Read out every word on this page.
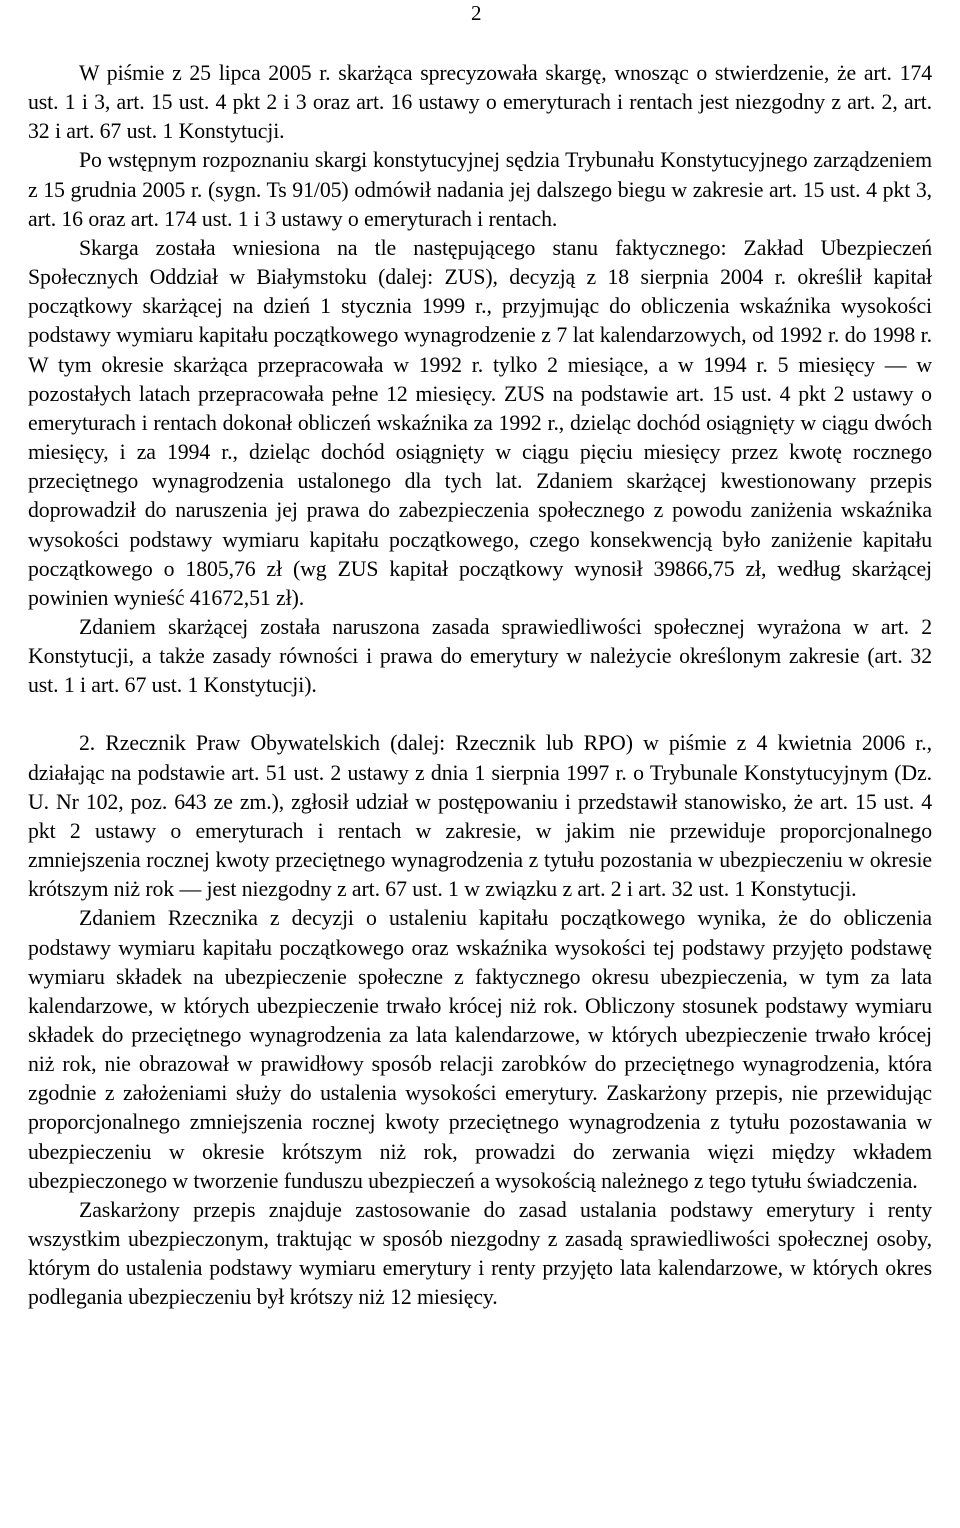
2

W piśmie z 25 lipca 2005 r. skarżąca sprecyzowała skargę, wnosząc o stwierdzenie, że art. 174 ust. 1 i 3, art. 15 ust. 4 pkt 2 i 3 oraz art. 16 ustawy o emeryturach i rentach jest niezgodny z art. 2, art. 32 i art. 67 ust. 1 Konstytucji.

Po wstępnym rozpoznaniu skargi konstytucyjnej sędzia Trybunału Konstytucyjnego zarządzeniem z 15 grudnia 2005 r. (sygn. Ts 91/05) odmówił nadania jej dalszego biegu w zakresie art. 15 ust. 4 pkt 3, art. 16 oraz art. 174 ust. 1 i 3 ustawy o emeryturach i rentach.

Skarga została wniesiona na tle następującego stanu faktycznego: Zakład Ubezpieczeń Społecznych Oddział w Białymstoku (dalej: ZUS), decyzją z 18 sierpnia 2004 r. określił kapitał początkowy skarżącej na dzień 1 stycznia 1999 r., przyjmując do obliczenia wskaźnika wysokości podstawy wymiaru kapitału początkowego wynagrodzenie z 7 lat kalendarzowych, od 1992 r. do 1998 r. W tym okresie skarżąca przepracowała w 1992 r. tylko 2 miesiące, a w 1994 r. 5 miesięcy — w pozostałych latach przepracowała pełne 12 miesięcy. ZUS na podstawie art. 15 ust. 4 pkt 2 ustawy o emeryturach i rentach dokonał obliczeń wskaźnika za 1992 r., dzieląc dochód osiągnięty w ciągu dwóch miesięcy, i za 1994 r., dzieląc dochód osiągnięty w ciągu pięciu miesięcy przez kwotę rocznego przeciętnego wynagrodzenia ustalonego dla tych lat. Zdaniem skarżącej kwestionowany przepis doprowadził do naruszenia jej prawa do zabezpieczenia społecznego z powodu zaniżenia wskaźnika wysokości podstawy wymiaru kapitału początkowego, czego konsekwencją było zaniżenie kapitału początkowego o 1805,76 zł (wg ZUS kapitał początkowy wynosił 39866,75 zł, według skarżącej powinien wynieść 41672,51 zł).

Zdaniem skarżącej została naruszona zasada sprawiedliwości społecznej wyrażona w art. 2 Konstytucji, a także zasady równości i prawa do emerytury w należycie określonym zakresie (art. 32 ust. 1 i art. 67 ust. 1 Konstytucji).

2. Rzecznik Praw Obywatelskich (dalej: Rzecznik lub RPO) w piśmie z 4 kwietnia 2006 r., działając na podstawie art. 51 ust. 2 ustawy z dnia 1 sierpnia 1997 r. o Trybunale Konstytucyjnym (Dz. U. Nr 102, poz. 643 ze zm.), zgłosił udział w postępowaniu i przedstawił stanowisko, że art. 15 ust. 4 pkt 2 ustawy o emeryturach i rentach w zakresie, w jakim nie przewiduje proporcjonalnego zmniejszenia rocznej kwoty przeciętnego wynagrodzenia z tytułu pozostania w ubezpieczeniu w okresie krótszym niż rok — jest niezgodny z art. 67 ust. 1 w związku z art. 2 i art. 32 ust. 1 Konstytucji.

Zdaniem Rzecznika z decyzji o ustaleniu kapitału początkowego wynika, że do obliczenia podstawy wymiaru kapitału początkowego oraz wskaźnika wysokości tej podstawy przyjęto podstawę wymiaru składek na ubezpieczenie społeczne z faktycznego okresu ubezpieczenia, w tym za lata kalendarzowe, w których ubezpieczenie trwało krócej niż rok. Obliczony stosunek podstawy wymiaru składek do przeciętnego wynagrodzenia za lata kalendarzowe, w których ubezpieczenie trwało krócej niż rok, nie obrazował w prawidłowy sposób relacji zarobków do przeciętnego wynagrodzenia, która zgodnie z założeniami służy do ustalenia wysokości emerytury. Zaskarżony przepis, nie przewidując proporcjonalnego zmniejszenia rocznej kwoty przeciętnego wynagrodzenia z tytułu pozostawania w ubezpieczeniu w okresie krótszym niż rok, prowadzi do zerwania więzi między wkładem ubezpieczonego w tworzenie funduszu ubezpieczeń a wysokością należnego z tego tytułu świadczenia.

Zaskarżony przepis znajduje zastosowanie do zasad ustalania podstawy emerytury i renty wszystkim ubezpieczonym, traktując w sposób niezgodny z zasadą sprawiedliwości społecznej osoby, którym do ustalenia podstawy wymiaru emerytury i renty przyjęto lata kalendarzowe, w których okres podlegania ubezpieczeniu był krótszy niż 12 miesięcy.
